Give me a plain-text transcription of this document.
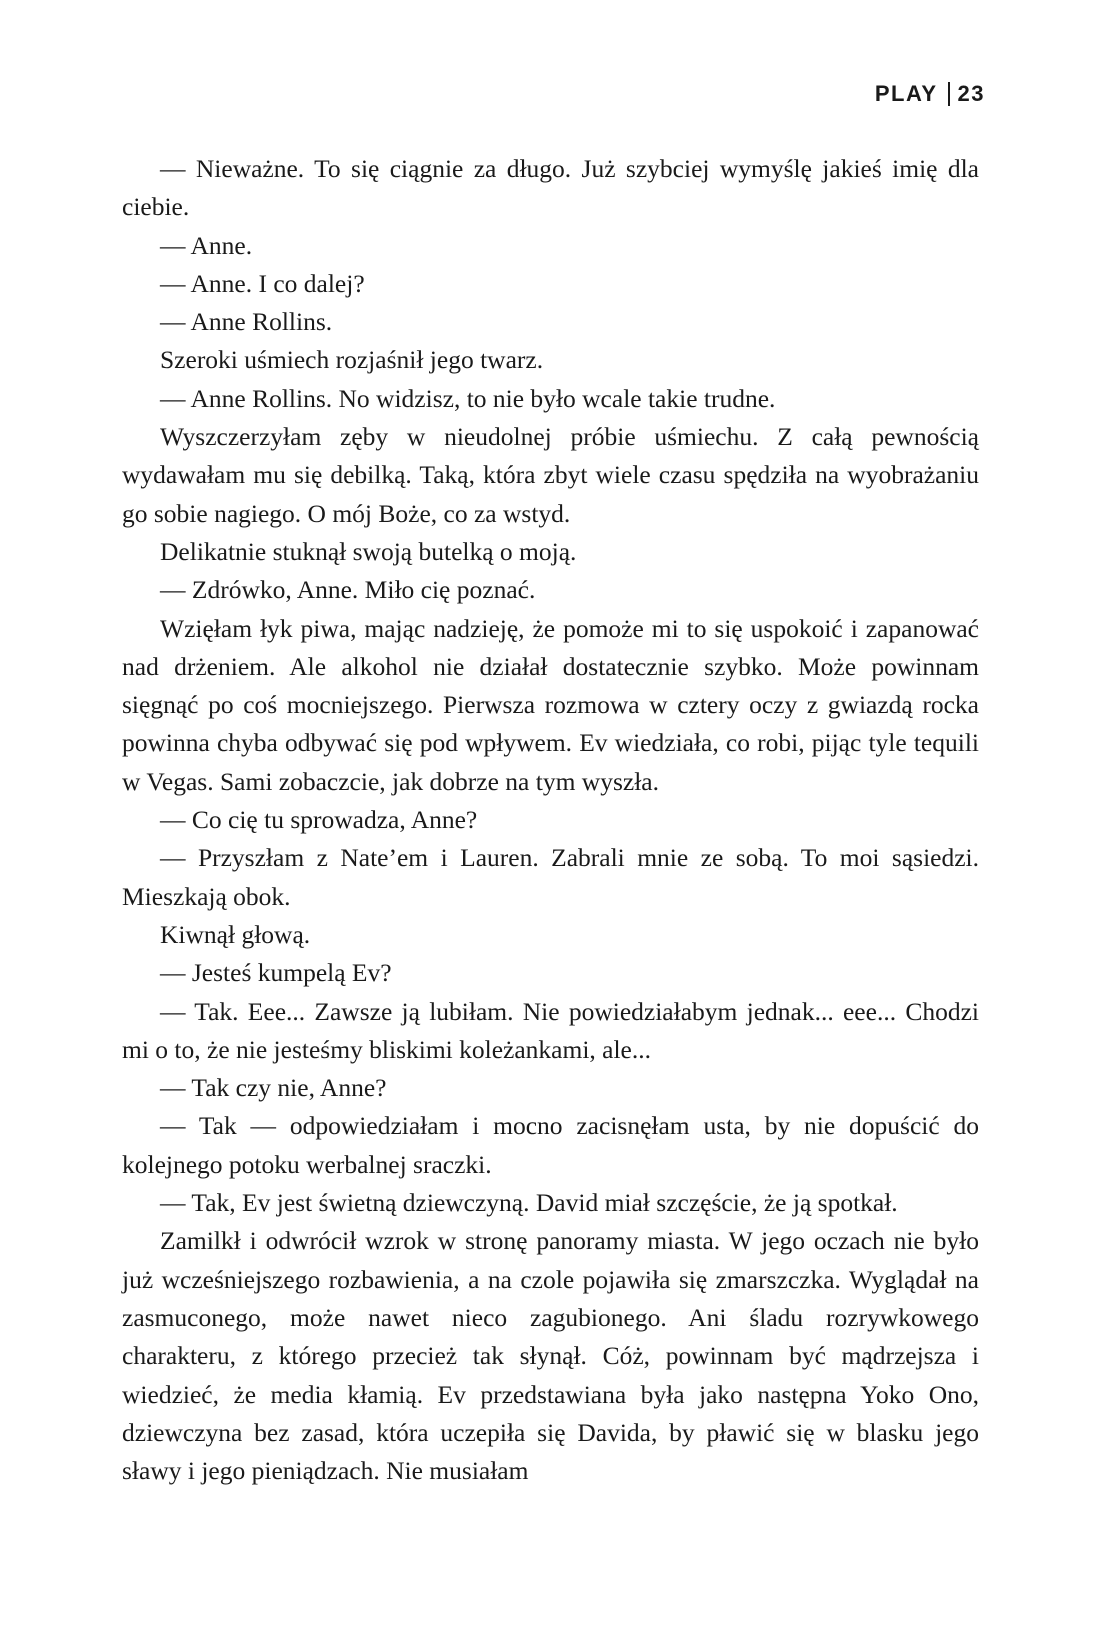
PLAY 23

— Nieważne. To się ciągnie za długo. Już szybciej wymyślę jakieś imię dla ciebie.

— Anne.

— Anne. I co dalej?

— Anne Rollins.

Szeroki uśmiech rozjaśnił jego twarz.

— Anne Rollins. No widzisz, to nie było wcale takie trudne.

Wyszczerzyłam zęby w nieudolnej próbie uśmiechu. Z całą pewnością wydawałam mu się debilką. Taką, która zbyt wiele czasu spędziła na wyobrażaniu go sobie nagiego. O mój Boże, co za wstyd.

Delikatnie stuknął swoją butelką o moją.

— Zdrówko, Anne. Miło cię poznać.

Wzięłam łyk piwa, mając nadzieję, że pomoże mi to się uspokoić i zapanować nad drżeniem. Ale alkohol nie działał dostatecznie szybko. Może powinnam sięgnąć po coś mocniejszego. Pierwsza rozmowa w cztery oczy z gwiazdą rocka powinna chyba odbywać się pod wpływem. Ev wiedziała, co robi, pijąc tyle tequili w Vegas. Sami zobaczcie, jak dobrze na tym wyszła.

— Co cię tu sprowadza, Anne?

— Przyszłam z Nate’em i Lauren. Zabrali mnie ze sobą. To moi sąsiedzi. Mieszkają obok.

Kiwnął głową.

— Jesteś kumpelą Ev?

— Tak. Eee... Zawsze ją lubiłam. Nie powiedziałabym jednak... eee... Chodzi mi o to, że nie jesteśmy bliskimi koleżankami, ale...

— Tak czy nie, Anne?

— Tak — odpowiedziałam i mocno zacisnęłam usta, by nie dopuścić do kolejnego potoku werbalnej sraczki.

— Tak, Ev jest świetną dziewczyną. David miał szczęście, że ją spotkał.

Zamilkł i odwrócił wzrok w stronę panoramy miasta. W jego oczach nie było już wcześniejszego rozbawienia, a na czole pojawiła się zmarszczka. Wyglądał na zasmuconego, może nawet nieco zagubionego. Ani śladu rozrywkowego charakteru, z którego przecież tak słynął. Cóż, powinnam być mądrzejsza i wiedzieć, że media kłamią. Ev przedstawiana była jako następna Yoko Ono, dziewczyna bez zasad, która uczepiła się Davida, by pławić się w blasku jego sławy i jego pieniądzach. Nie musiałam
